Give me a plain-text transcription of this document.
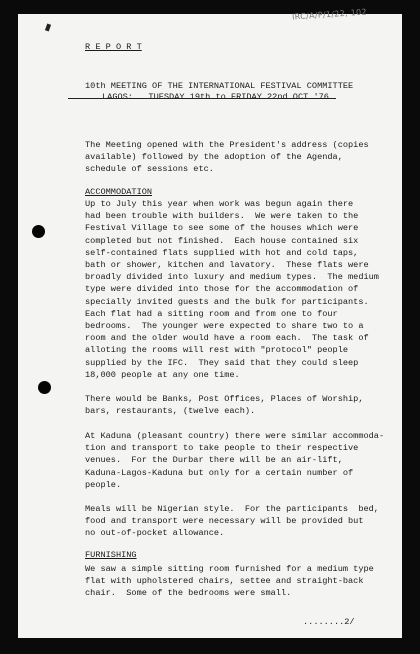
IRC/A/P/1/22, 102
R E P O R T
10th MEETING OF THE INTERNATIONAL FESTIVAL COMMITTEE
LAGOS:   TUESDAY 19th to FRIDAY 22nd OCT '76
The Meeting opened with the President's address (copies
available) followed by the adoption of the Agenda,
schedule of sessions etc.
ACCOMMODATION
Up to July this year when work was begun again there
had been trouble with builders.  We were taken to the
Festival Village to see some of the houses which were
completed but not finished.  Each house contained six
self-contained flats supplied with hot and cold taps,
bath or shower, kitchen and lavatory.  These flats were
broadly divided into luxury and medium types.  The medium
type were divided into those for the accommodation of
specially invited guests and the bulk for participants.
Each flat had a sitting room and from one to four
bedrooms.  The younger were expected to share two to a
room and the older would have a room each.  The task of
alloting the rooms will rest with "protocol" people
supplied by the IFC.  They said that they could sleep
18,000 people at any one time.
There would be Banks, Post Offices, Places of Worship,
bars, restaurants, (twelve each).
At Kaduna (pleasant country) there were similar accommoda-
tion and transport to take people to their respective
venues.  For the Durbar there will be an air-lift,
Kaduna-Lagos-Kaduna but only for a certain number of
people.
Meals will be Nigerian style.  For the participants  bed,
food and transport were necessary will be provided but
no out-of-pocket allowance.
FURNISHING
We saw a simple sitting room furnished for a medium type
flat with upholstered chairs, settee and straight-back
chair.  Some of the bedrooms were small.
........2/
